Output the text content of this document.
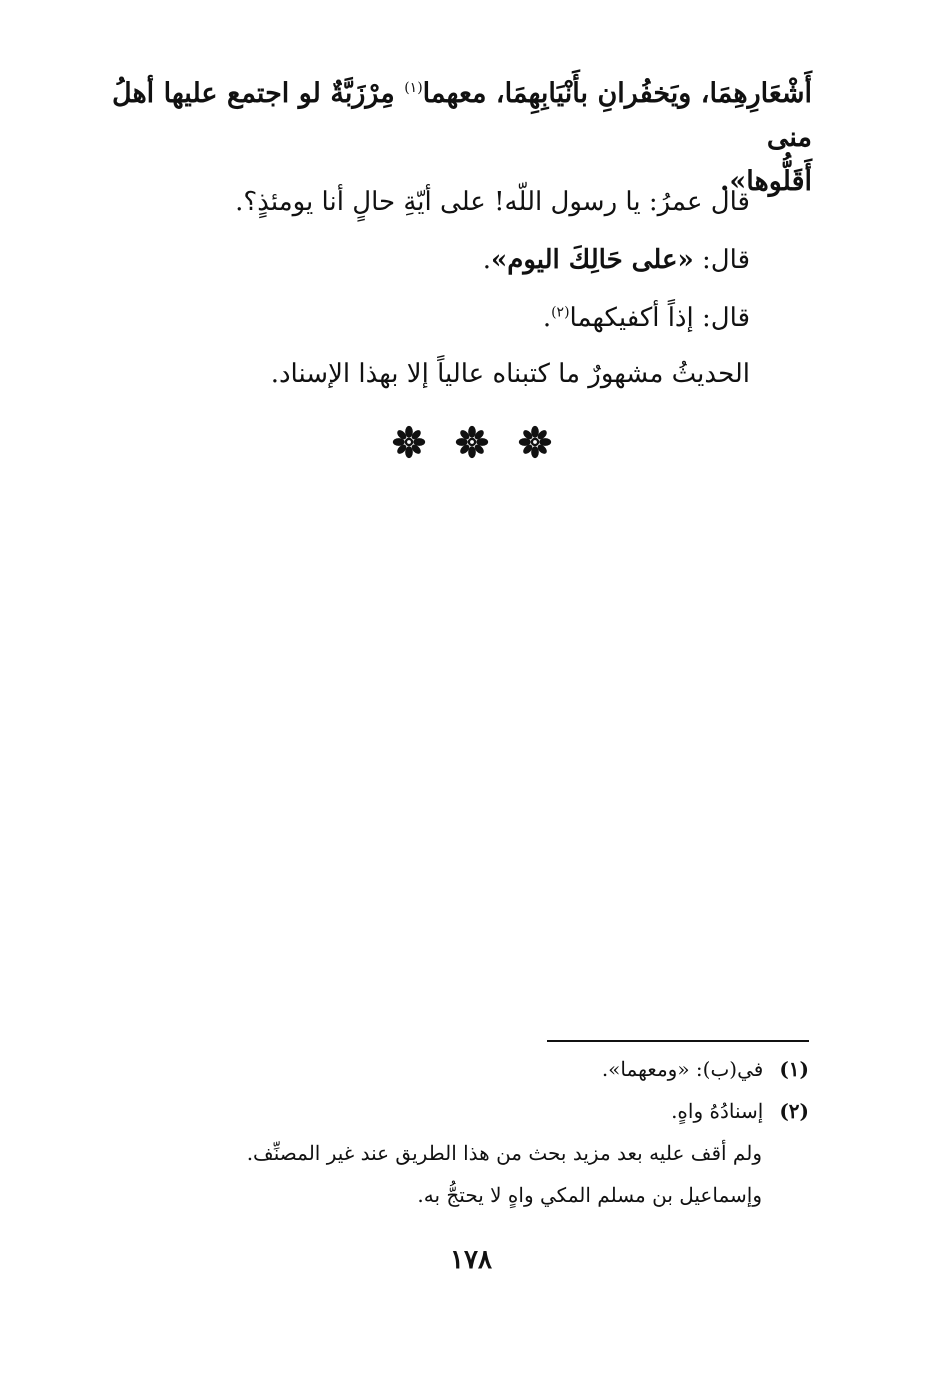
أَشْعَارِهِمَا، ويَخفُرانِ بأَنْيَابِهِمَا، معهما$^{(١)}$ مِرْزَبَّةٌ لو اجتمع عليها أهلُ منى
أَقَلُّوها».
قال عمرُ: يا رسول اللّه! على أيّةِ حالٍ أنا يومئذٍ؟.
قال: «على حَالِكَ اليوم».
قال: إذاً أكفيكهما$^{(٢)}$.
الحديثُ مشهورٌ ما كتبناه عالياً إلا بهذا الإسناد.
(١)في(ب): «ومعهما».
(٢)إسنادُهُ واهٍ.
ولم أقف عليه بعد مزيد بحث من هذا الطريق عند غير المصنِّف.
وإسماعيل بن مسلم المكي واهٍ لا يحتجُّ به.
١٧٨
